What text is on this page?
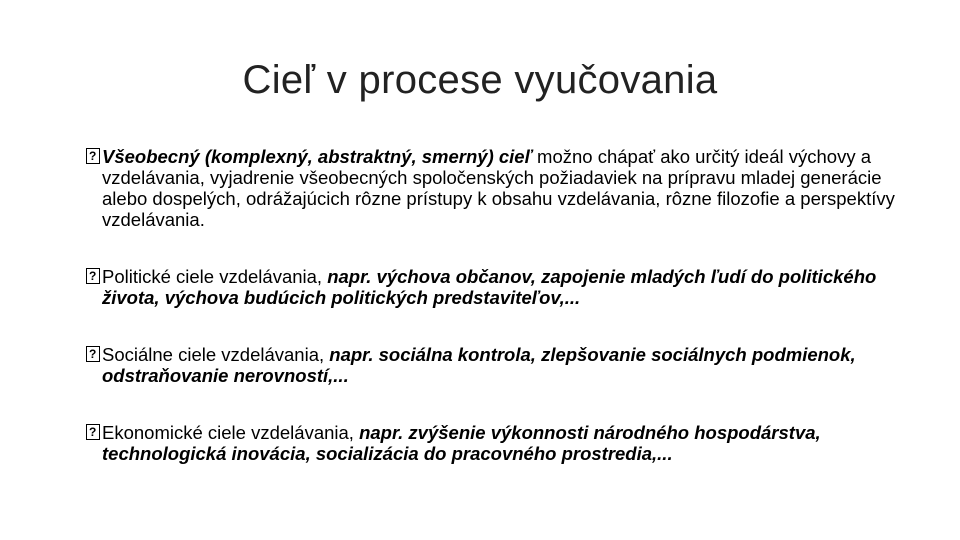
Cieľ v procese vyučovania
?
Všeobecný (komplexný, abstraktný, smerný) cieľ možno chápať ako určitý ideál výchovy a vzdelávania, vyjadrenie všeobecných spoločenských požiadaviek na prípravu mladej generácie alebo dospelých, odrážajúcich rôzne prístupy k obsahu vzdelávania, rôzne filozofie a perspektívy vzdelávania.
?
Politické ciele vzdelávania, napr. výchova občanov, zapojenie mladých ľudí do politického života, výchova budúcich politických predstaviteľov,...
?
Sociálne ciele vzdelávania, napr. sociálna kontrola, zlepšovanie sociálnych podmienok, odstraňovanie nerovností,...
?
Ekonomické ciele vzdelávania, napr. zvýšenie výkonnosti národného hospodárstva, technologická inovácia, socializácia do pracovného prostredia,...
